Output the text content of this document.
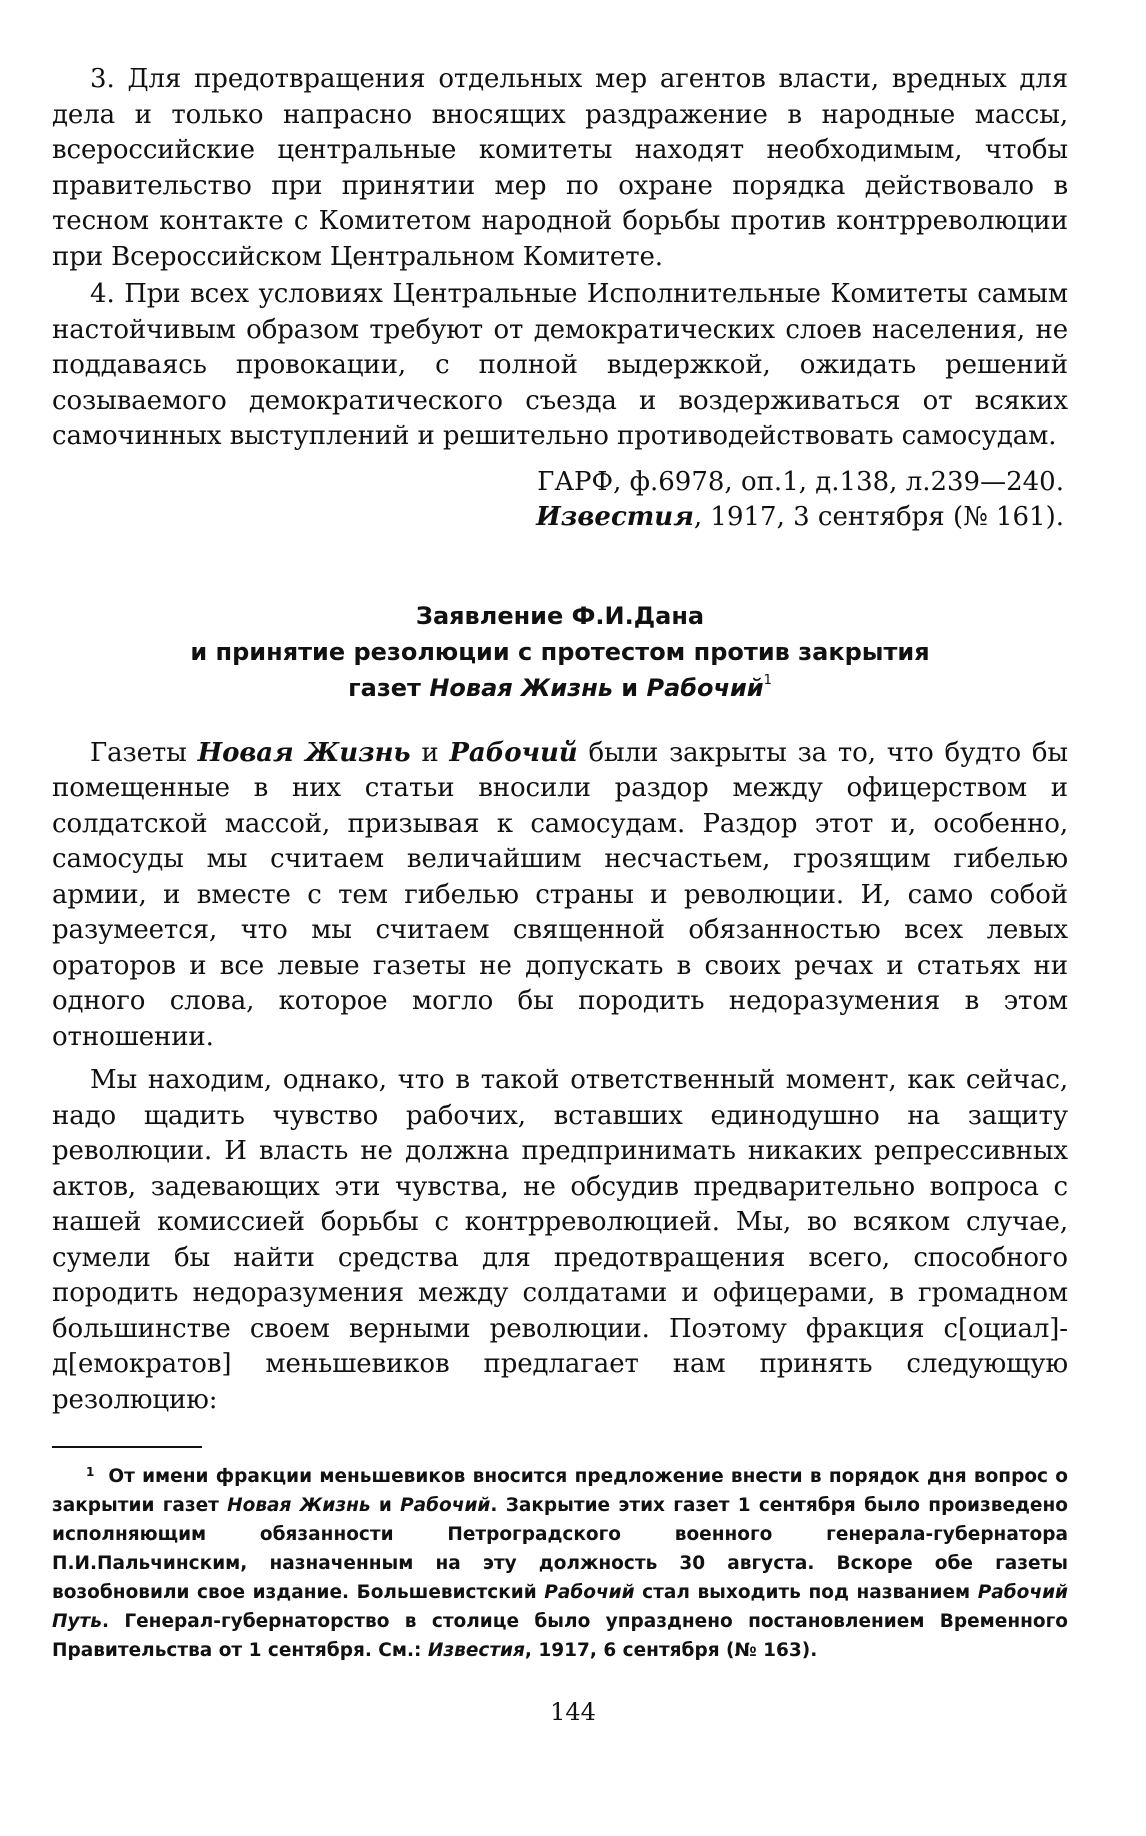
3. Для предотвращения отдельных мер агентов власти, вредных для дела и только напрасно вносящих раздражение в народные массы, всероссийские центральные комитеты находят необходимым, чтобы правительство при принятии мер по охране порядка действовало в тесном контакте с Комитетом народной борьбы против контрреволюции при Всероссийском Центральном Комитете.

4. При всех условиях Центральные Исполнительные Комитеты самым настойчивым образом требуют от демократических слоев населения, не поддаваясь провокации, с полной выдержкой, ожидать решений созываемого демократического съезда и воздерживаться от всяких самочинных выступлений и решительно противодействовать самосудам.

ГАРФ, ф.6978, оп.1, д.138, л.239—240.
Известия, 1917, 3 сентября (№ 161).
Заявление Ф.И.Дана
и принятие резолюции с протестом против закрытия
газет Новая Жизнь и Рабочий$^1$

Газеты Новая Жизнь и Рабочий были закрыты за то, что будто бы помещенные в них статьи вносили раздор между офицерством и солдатской массой, призывая к самосудам. Раздор этот и, особенно, самосуды мы считаем величайшим несчастьем, грозящим гибелью армии, и вместе с тем гибелью страны и революции. И, само собой разумеется, что мы считаем священной обязанностью всех левых ораторов и все левые газеты не допускать в своих речах и статьях ни одного слова, которое могло бы породить недоразумения в этом отношении.

Мы находим, однако, что в такой ответственный момент, как сейчас, надо щадить чувство рабочих, вставших единодушно на защиту революции. И власть не должна предпринимать никаких репрессивных актов, задевающих эти чувства, не обсудив предварительно вопроса с нашей комиссией борьбы с контрреволюцией. Мы, во всяком случае, сумели бы найти средства для предотвращения всего, способного породить недоразумения между солдатами и офицерами, в громадном большинстве своем верными революции. Поэтому фракция с[оциал]-д[емократов] меньшевиков предлагает нам принять следующую резолюцию:

$^1$ От имени фракции меньшевиков вносится предложение внести в порядок дня вопрос о закрытии газет Новая Жизнь и Рабочий. Закрытие этих газет 1 сентября было произведено исполняющим обязанности Петроградского военного генерала-губернатора П.И.Пальчинским, назначенным на эту должность 30 августа. Вскоре обе газеты возобновили свое издание. Большевистский Рабочий стал выходить под названием Рабочий Путь. Генерал-губернаторство в столице было упразднено постановлением Временного Правительства от 1 сентября. См.: Известия, 1917, 6 сентября (№ 163).

144
